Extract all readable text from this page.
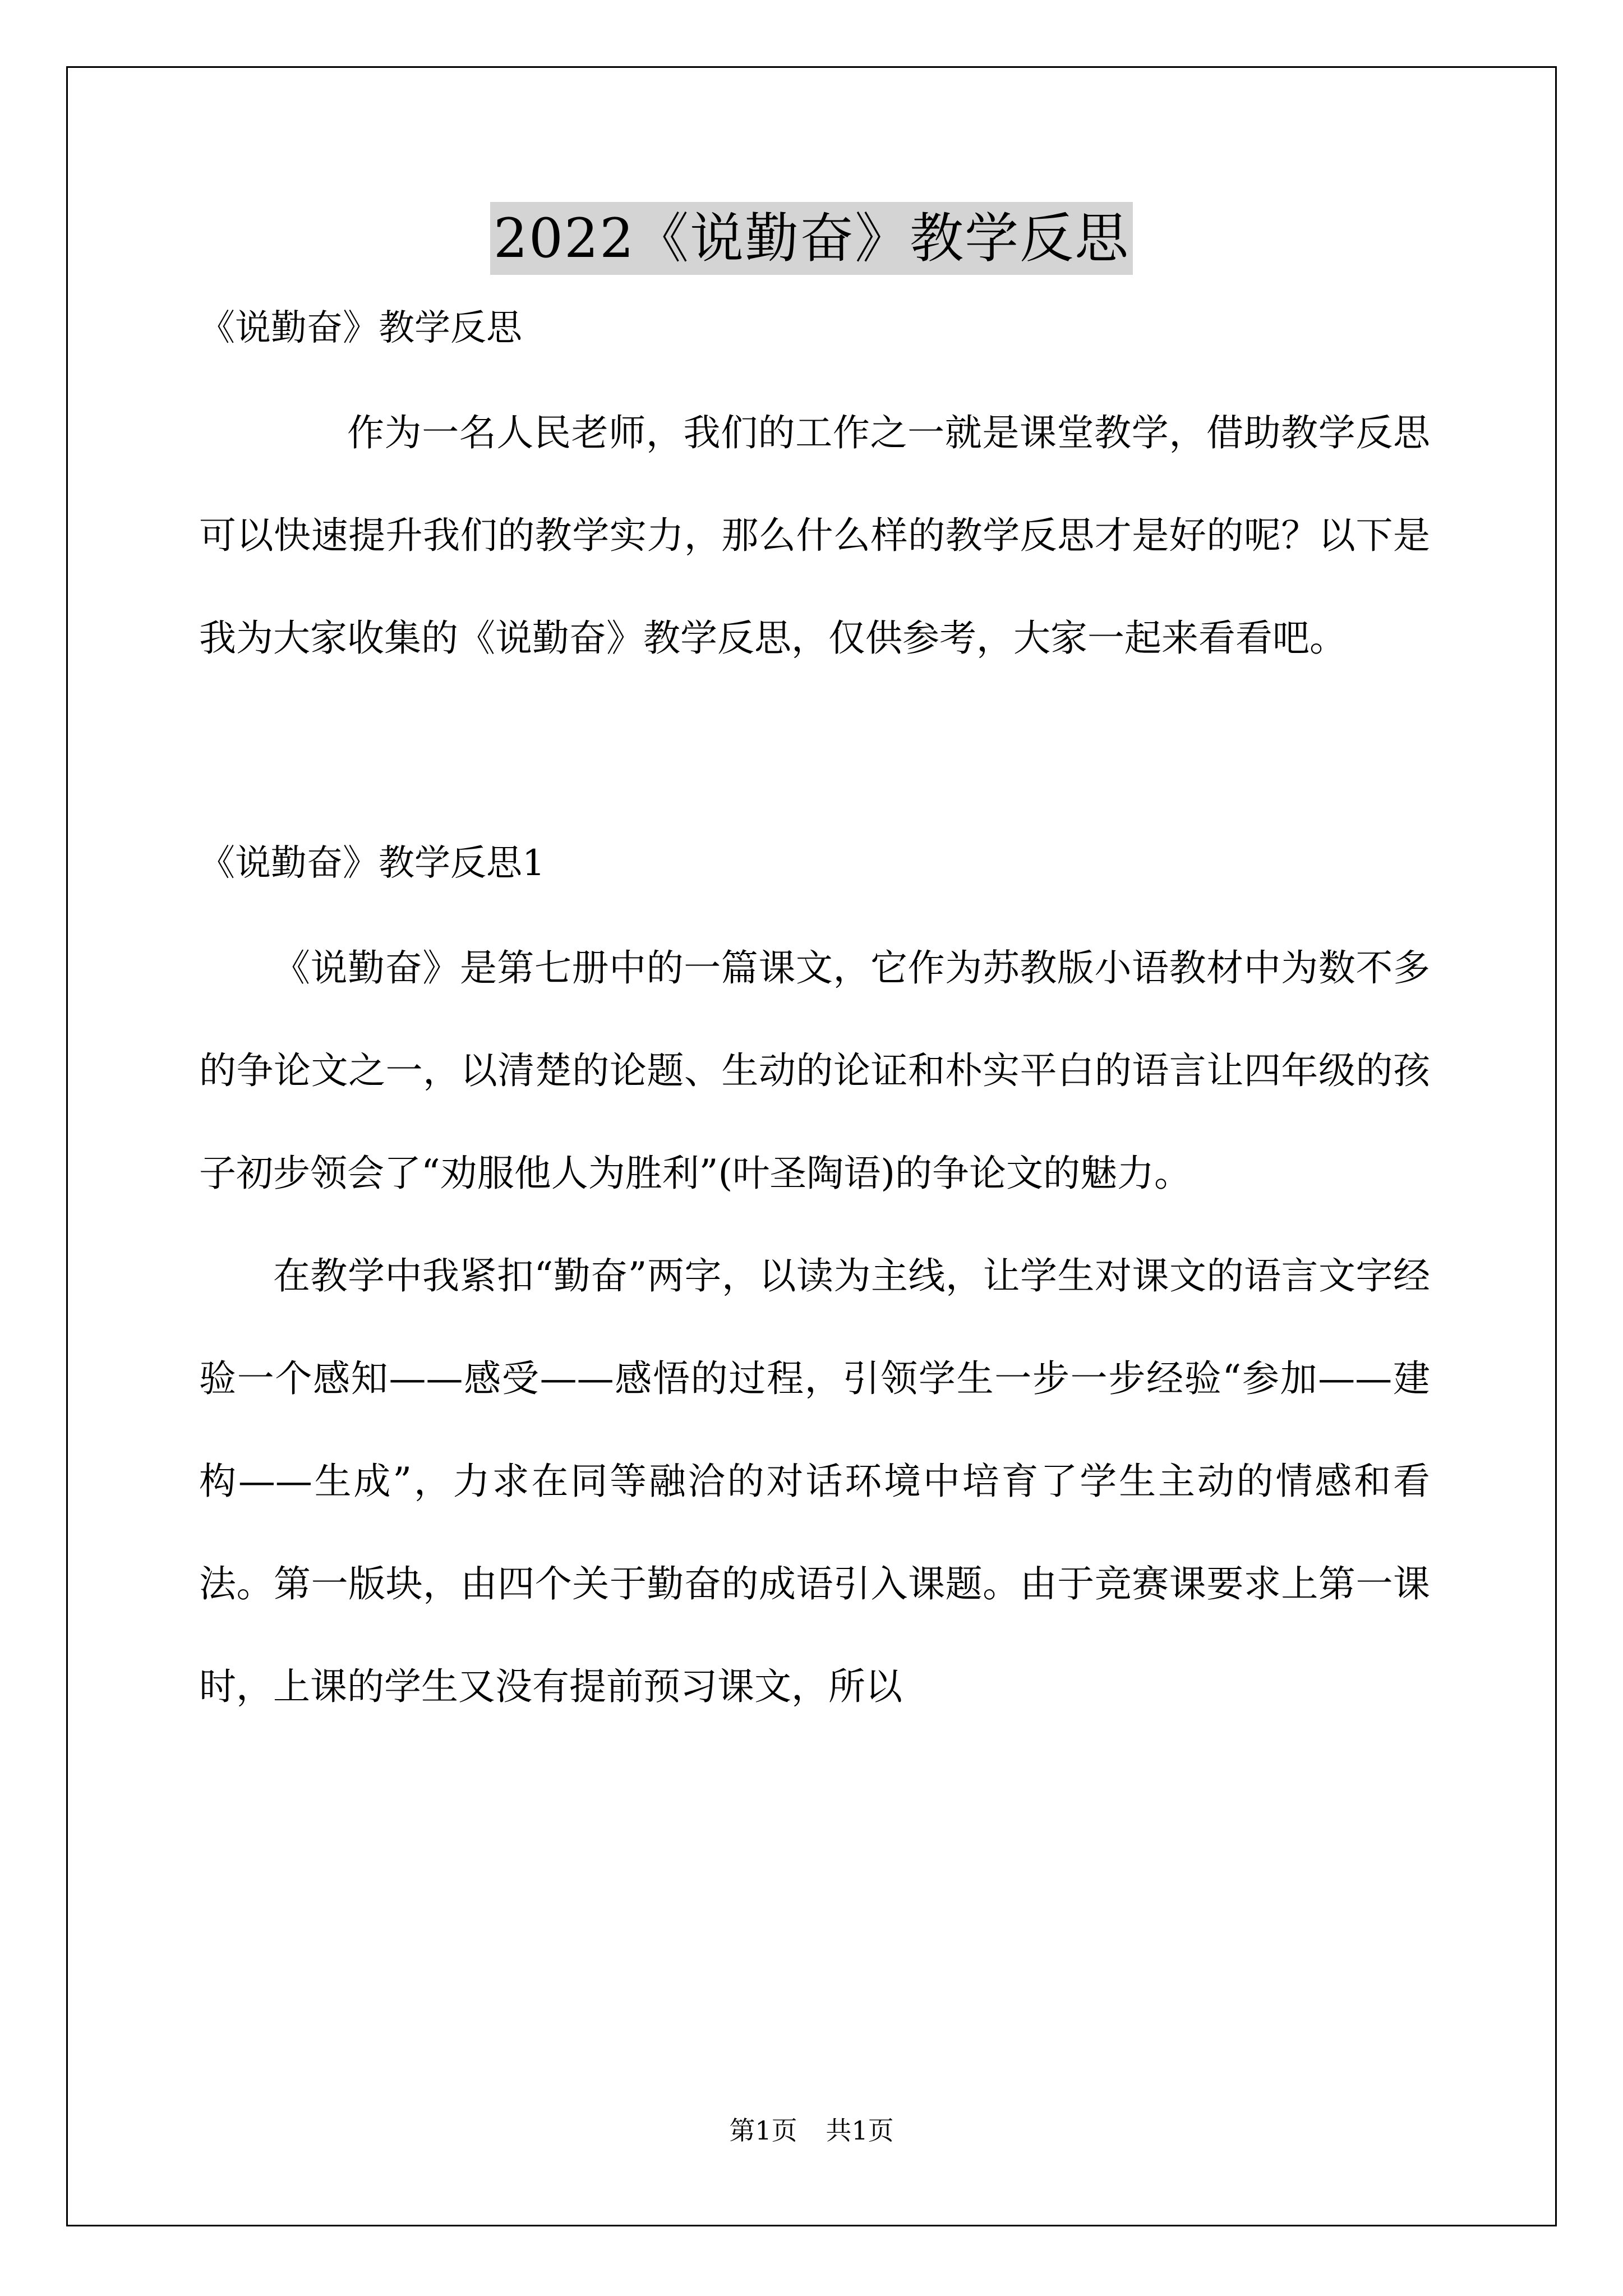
2022《说勤奋》教学反思

《说勤奋》教学反思

作为一名人民老师，我们的工作之一就是课堂教学，借助教学反思可以快速提升我们的教学实力，那么什么样的教学反思才是好的呢？以下是我为大家收集的《说勤奋》教学反思，仅供参考，大家一起来看看吧。

《说勤奋》教学反思1

《说勤奋》是第七册中的一篇课文，它作为苏教版小语教材中为数不多的争论文之一，以清楚的论题、生动的论证和朴实平白的语言让四年级的孩子初步领会了“劝服他人为胜利”(叶圣陶语)的争论文的魅力。

在教学中我紧扣“勤奋”两字，以读为主线，让学生对课文的语言文字经验一个感知——感受——感悟的过程，引领学生一步一步经验“参加——建构——生成”，力求在同等融洽的对话环境中培育了学生主动的情感和看法。第一版块，由四个关于勤奋的成语引入课题。由于竞赛课要求上第一课时，上课的学生又没有提前预习课文，所以

第1页 共1页
